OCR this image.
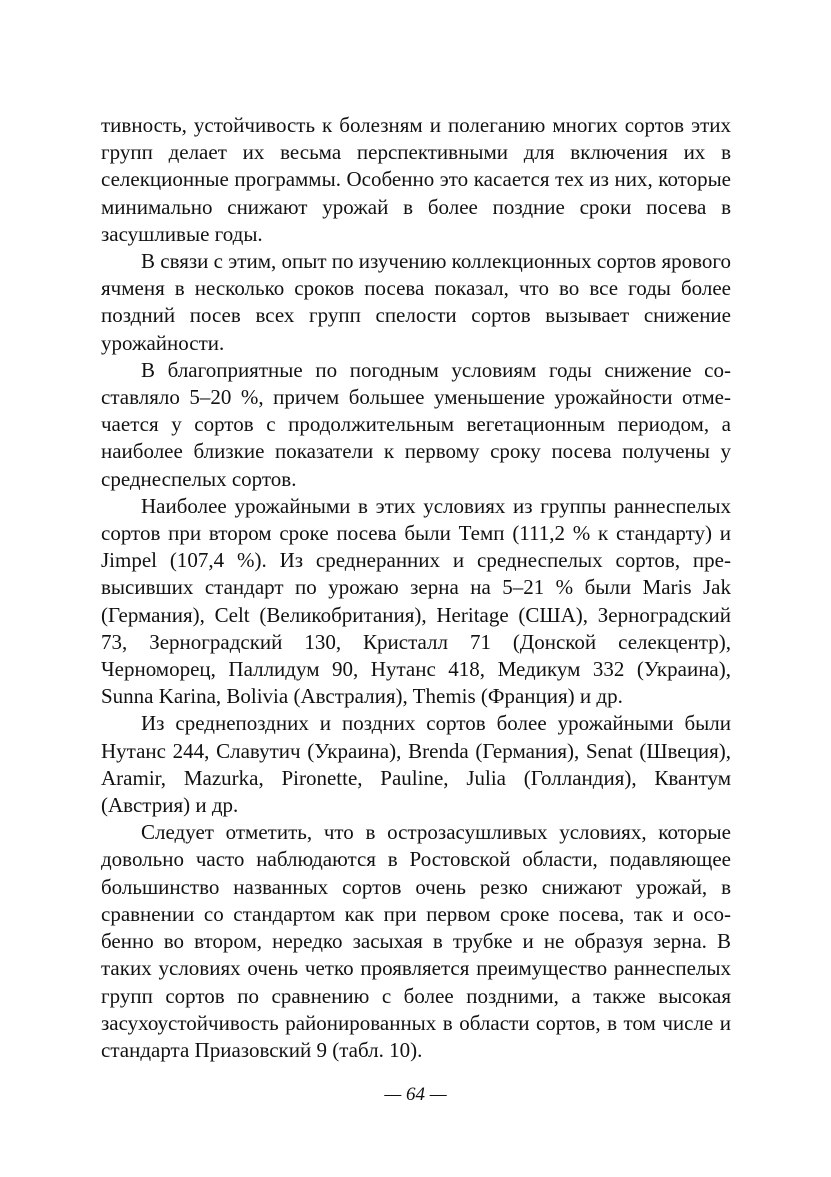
тивность, устойчивость к болезням и полеганию многих сортов этих групп делает их весьма перспективными для включения их в селекционные программы. Особенно это касается тех из них, которые минимально снижают урожай в более поздние сроки посева в засушливые годы.

В связи с этим, опыт по изучению коллекционных сортов ярового ячменя в несколько сроков посева показал, что во все годы более поздний посев всех групп спелости сортов вызывает снижение урожайности.

В благоприятные по погодным условиям годы снижение составляло 5–20 %, причем большее уменьшение урожайности отмечается у сортов с продолжительным вегетационным периодом, а наиболее близкие показатели к первому сроку посева получены у среднеспелых сортов.

Наиболее урожайными в этих условиях из группы раннеспелых сортов при втором сроке посева были Темп (111,2 % к стандарту) и Jimpel (107,4 %). Из среднеранних и среднеспелых сортов, превысивших стандарт по урожаю зерна на 5–21 % были Maris Jak (Германия), Celt (Великобритания), Heritage (США), Зерноградский 73, Зерноградский 130, Кристалл 71 (Донской селекцентр), Черноморец, Паллидум 90, Нутанс 418, Медикум 332 (Украина), Sunna Karina, Bolivia (Австралия), Themis (Франция) и др.

Из среднепоздних и поздних сортов более урожайными были Нутанс 244, Славутич (Украина), Brenda (Германия), Senat (Швеция), Aramir, Mazurka, Pironette, Pauline, Julia (Голландия), Квантум (Австрия) и др.

Следует отметить, что в острозасушливых условиях, которые довольно часто наблюдаются в Ростовской области, подавляющее большинство названных сортов очень резко снижают урожай, в сравнении со стандартом как при первом сроке посева, так и особенно во втором, нередко засыхая в трубке и не образуя зерна. В таких условиях очень четко проявляется преимущество раннеспелых групп сортов по сравнению с более поздними, а также высокая засухоустойчивость районированных в области сортов, в том числе и стандарта Приазовский 9 (табл. 10).

— 64 —
